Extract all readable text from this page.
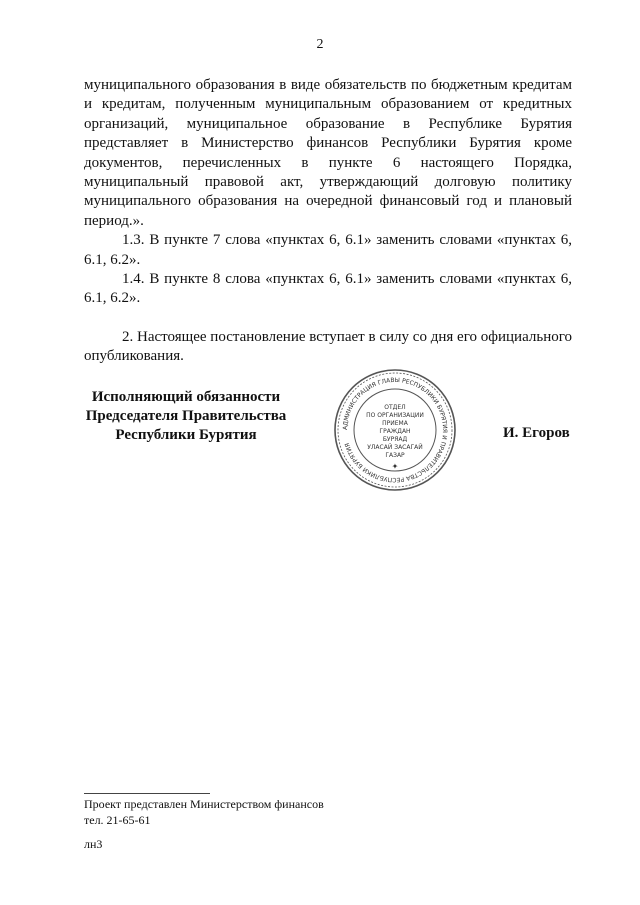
2

муниципального образования в виде обязательств по бюджетным кредитам и кредитам, полученным муниципальным образованием от кредитных организаций, муниципальное образование в Республике Бурятия представляет в Министерство финансов Республики Бурятия кроме документов, перечисленных в пункте 6 настоящего Порядка, муниципальный правовой акт, утверждающий долговую политику муниципального образования на очередной финансовый год и плановый период.».

1.3. В пункте 7 слова «пунктах 6, 6.1» заменить словами «пунктах 6, 6.1, 6.2».

1.4. В пункте 8 слова «пунктах 6, 6.1» заменить словами «пунктах 6, 6.1, 6.2».

2. Настоящее постановление вступает в силу со дня его официального опубликования.

Исполняющий обязанности
Председателя Правительства
Республики Бурятия	АДМИНИСТРАЦИЯ ГЛАВЫ РЕСПУБЛИКИ БУРЯТИЯ И ПРАВИТЕЛЬСТВА РЕСПУБЛИКИ БУРЯТИЯ
ОТДЕЛ
ПО ОРГАНИЗАЦИИ
ПРИЕМА
ГРАЖДАН
БУРЯАД
УЛАСАЙ ЗАСАГАЙ
ГАЗАР
✦
И. Егоров
Проект представлен Министерством финансов
тел. 21-65-61
лн3
